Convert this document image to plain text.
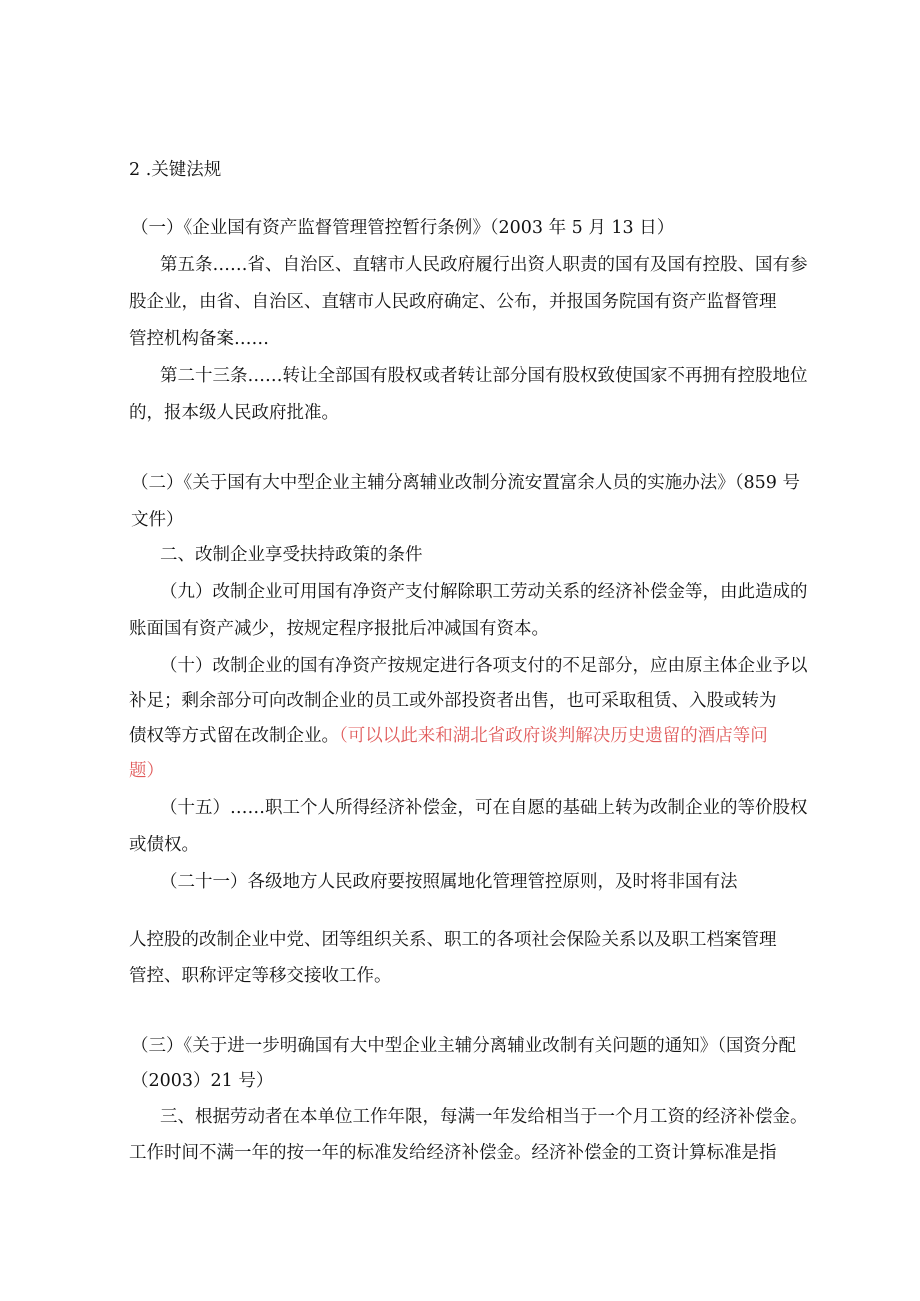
2 .关键法规
（一）《企业国有资产监督管理管控暂行条例》（2003 年 5 月 13 日）
第五条……省、自治区、直辖市人民政府履行出资人职责的国有及国有控股、国有参
股企业，由省、自治区、直辖市人民政府确定、公布，并报国务院国有资产监督管理
管控机构备案……
第二十三条……转让全部国有股权或者转让部分国有股权致使国家不再拥有控股地位
的，报本级人民政府批准。
（二）《关于国有大中型企业主辅分离辅业改制分流安置富余人员的实施办法》（859 号
文件）
二、改制企业享受扶持政策的条件
（九）改制企业可用国有净资产支付解除职工劳动关系的经济补偿金等，由此造成的
账面国有资产减少，按规定程序报批后冲减国有资本。
（十）改制企业的国有净资产按规定进行各项支付的不足部分，应由原主体企业予以
补足；剩余部分可向改制企业的员工或外部投资者出售，也可采取租赁、入股或转为
债权等方式留在改制企业。（可以以此来和湖北省政府谈判解决历史遗留的酒店等问
题）
（十五）……职工个人所得经济补偿金，可在自愿的基础上转为改制企业的等价股权
或债权。
（二十一）各级地方人民政府要按照属地化管理管控原则，及时将非国有法
人控股的改制企业中党、团等组织关系、职工的各项社会保险关系以及职工档案管理
管控、职称评定等移交接收工作。
（三）《关于进一步明确国有大中型企业主辅分离辅业改制有关问题的通知》（国资分配
（2003）21 号）
三、根据劳动者在本单位工作年限，每满一年发给相当于一个月工资的经济补偿金。
工作时间不满一年的按一年的标准发给经济补偿金。经济补偿金的工资计算标准是指
